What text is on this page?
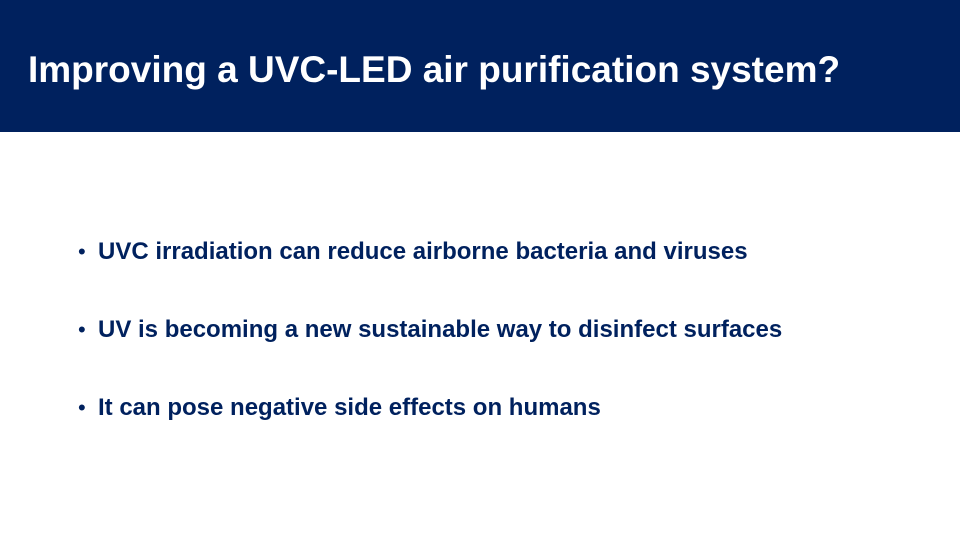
Improving a UVC-LED air purification system?
• UVC irradiation can reduce airborne bacteria and viruses
• UV is becoming a new sustainable way to disinfect surfaces
• It can pose negative side effects on humans
